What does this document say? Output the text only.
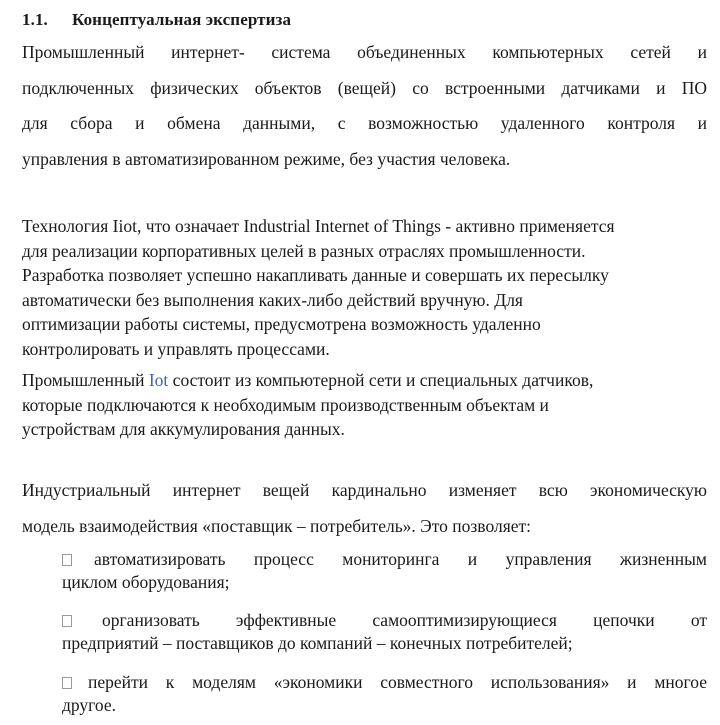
1.1. Концептуальная экспертиза
Промышленный интернет- система объединенных компьютерных сетей и
подключенных физических объектов (вещей) со встроенными датчиками и ПО
для сбора и обмена данными, с возможностью удаленного контроля и
управления в автоматизированном режиме, без участия человека.
Технология Iiot, что означает Industrial Internet of Things - активно применяется
для реализации корпоративных целей в разных отраслях промышленности.
Разработка позволяет успешно накапливать данные и совершать их пересылку
автоматически без выполнения каких-либо действий вручную. Для
оптимизации работы системы, предусмотрена возможность удаленно
контролировать и управлять процессами.
Промышленный Iot состоит из компьютерной сети и специальных датчиков,
которые подключаются к необходимым производственным объектам и
устройствам для аккумулирования данных.
Индустриальный интернет вещей кардинально изменяет всю экономическую
модель взаимодействия «поставщик – потребитель». Это позволяет:
автоматизировать процесс мониторинга и управления жизненным
циклом оборудования;
организовать эффективные самооптимизирующиеся цепочки от
предприятий – поставщиков до компаний – конечных потребителей;
перейти к моделям «экономики совместного использования» и многое
другое.
